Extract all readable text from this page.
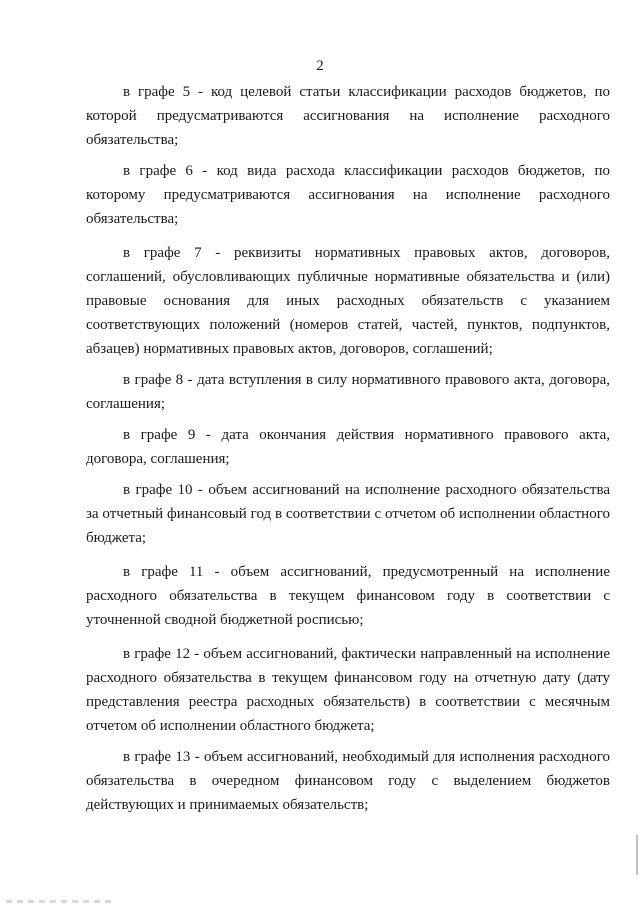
2

в графе 5 - код целевой статьи классификации расходов бюджетов, по которой предусматриваются ассигнования на исполнение расходного обязательства;

в графе 6 - код вида расхода классификации расходов бюджетов, по которому предусматриваются ассигнования на исполнение расходного обязательства;

в графе 7 - реквизиты нормативных правовых актов, договоров, соглашений, обусловливающих публичные нормативные обязательства и (или) правовые основания для иных расходных обязательств с указанием соответствующих положений (номеров статей, частей, пунктов, подпунктов, абзацев) нормативных правовых актов, договоров, соглашений;

в графе 8 - дата вступления в силу нормативного правового акта, договора, соглашения;

в графе 9 - дата окончания действия нормативного правового акта, договора, соглашения;

в графе 10 - объем ассигнований на исполнение расходного обязательства за отчетный финансовый год в соответствии с отчетом об исполнении областного бюджета;

в графе 11 - объем ассигнований, предусмотренный на исполнение расходного обязательства в текущем финансовом году в соответствии с уточненной сводной бюджетной росписью;

в графе 12 - объем ассигнований, фактически направленный на исполнение расходного обязательства в текущем финансовом году на отчетную дату (дату представления реестра расходных обязательств) в соответствии с месячным отчетом об исполнении областного бюджета;

в графе 13 - объем ассигнований, необходимый для исполнения расходного обязательства в очередном финансовом году с выделением бюджетов действующих и принимаемых обязательств;
